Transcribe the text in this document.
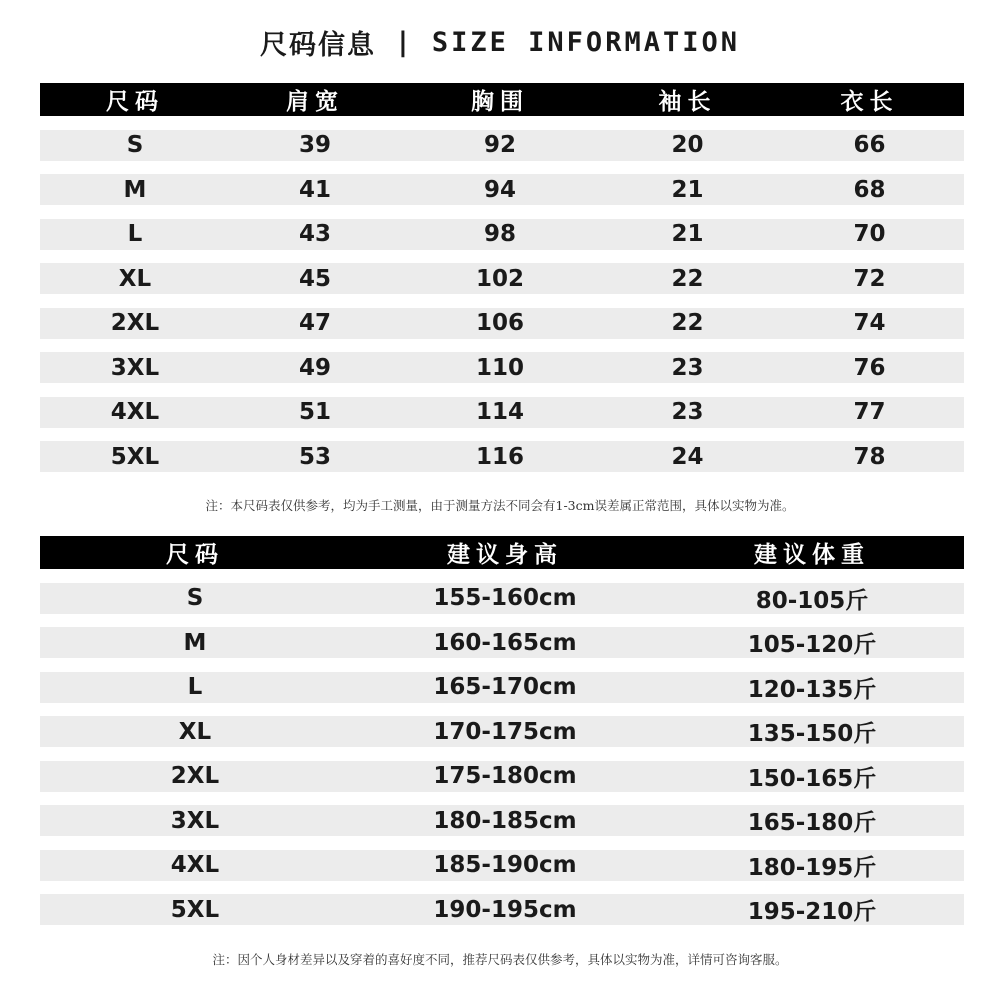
尺码信息 | SIZE INFORMATION
尺码	肩宽	胸围	袖长	衣长
S	39	92	20	66
M	41	94	21	68
L	43	98	21	70
XL	45	102	22	72
2XL	47	106	22	74
3XL	49	110	23	76
4XL	51	114	23	77
5XL	53	116	24	78
注：本尺码表仅供参考，均为手工测量，由于测量方法不同会有1-3cm误差属正常范围，具体以实物为准。
尺码	建议身高	建议体重
S	155-160cm	80-105斤
M	160-165cm	105-120斤
L	165-170cm	120-135斤
XL	170-175cm	135-150斤
2XL	175-180cm	150-165斤
3XL	180-185cm	165-180斤
4XL	185-190cm	180-195斤
5XL	190-195cm	195-210斤
注：因个人身材差异以及穿着的喜好度不同，推荐尺码表仅供参考，具体以实物为准，详情可咨询客服。
